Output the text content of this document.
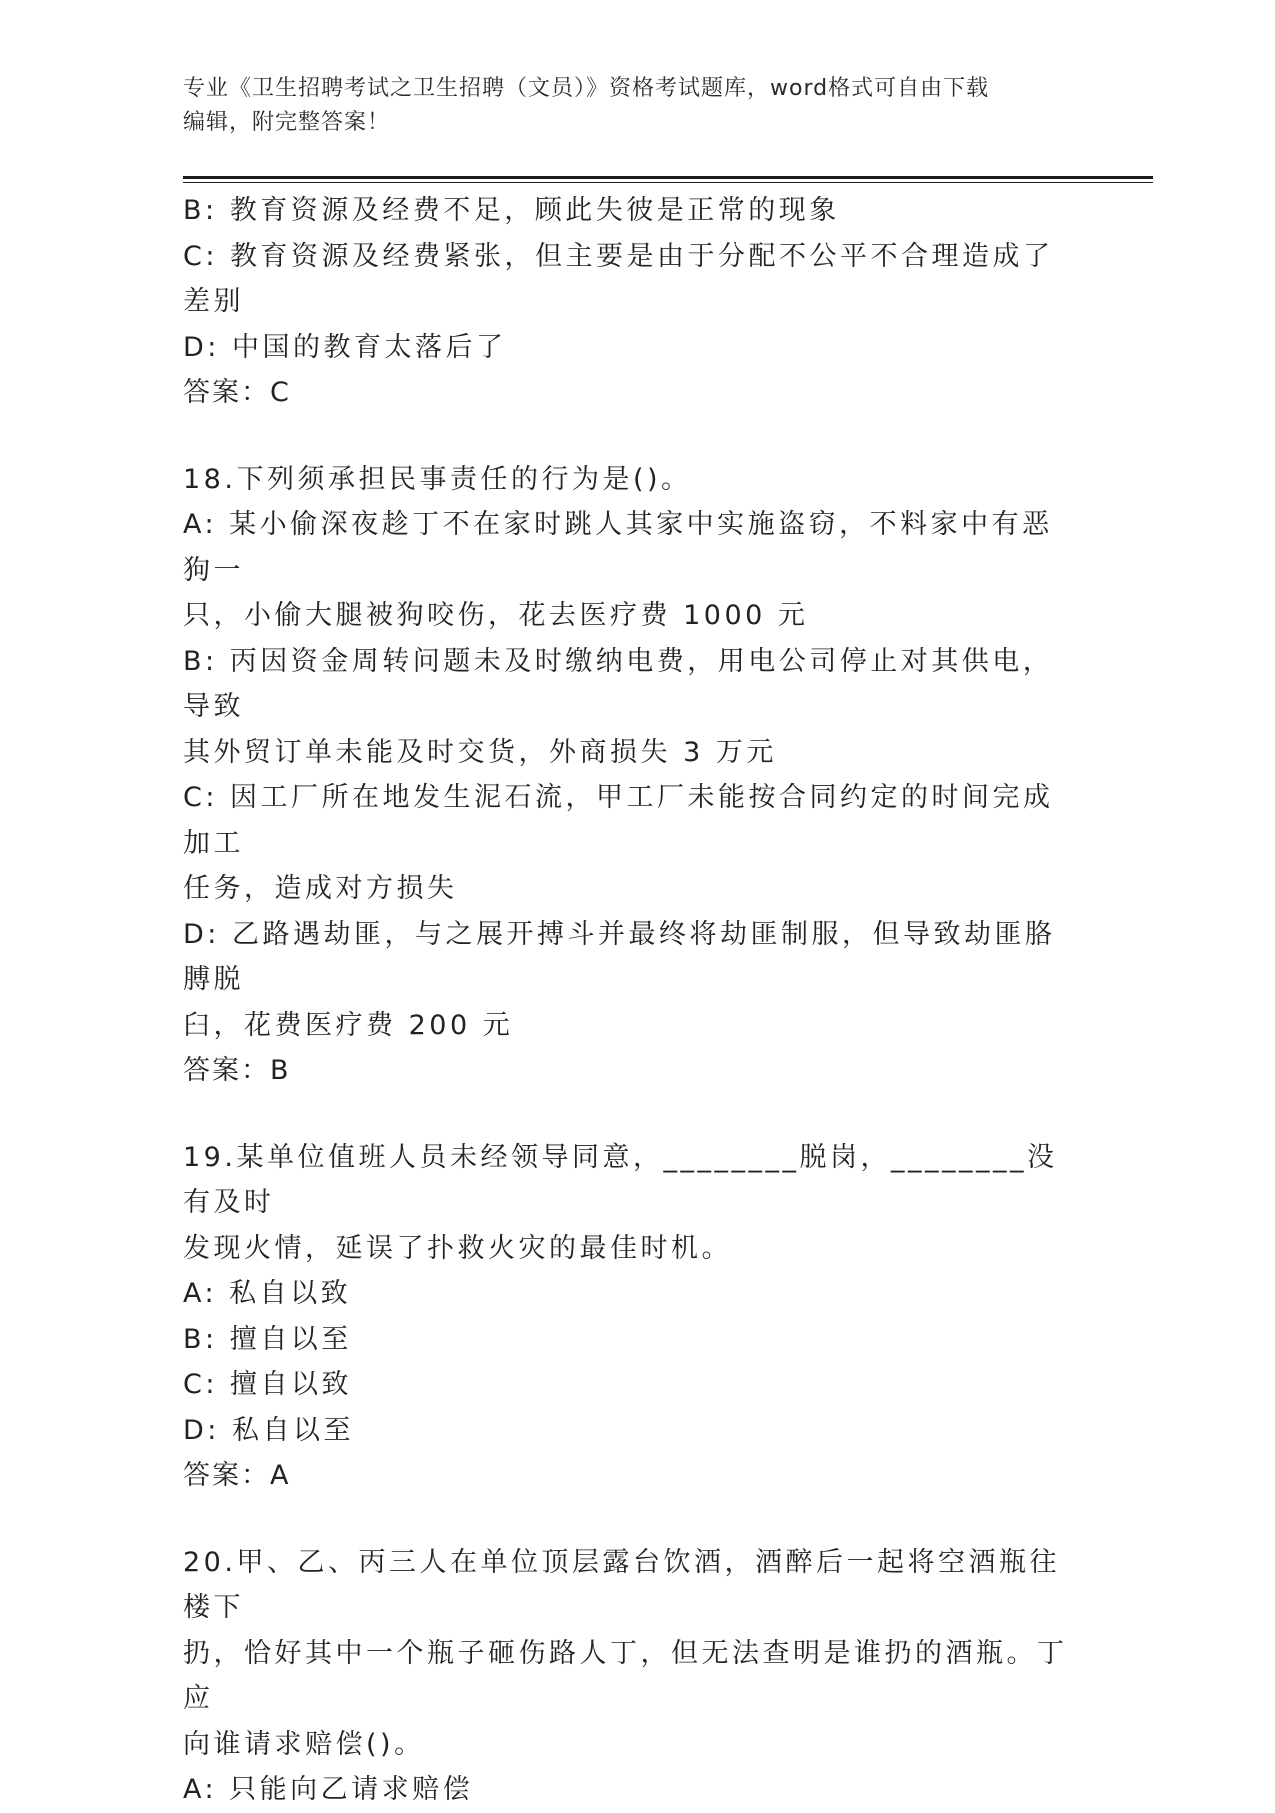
专业《卫生招聘考试之卫生招聘（文员）》资格考试题库，word格式可自由下载
编辑，附完整答案！
B: 教育资源及经费不足，顾此失彼是正常的现象
C: 教育资源及经费紧张，但主要是由于分配不公平不合理造成了差别
D: 中国的教育太落后了
答案：C
18.下列须承担民事责任的行为是()。
A: 某小偷深夜趁丁不在家时跳人其家中实施盗窃，不料家中有恶狗一
只，小偷大腿被狗咬伤，花去医疗费 1000 元
B: 丙因资金周转问题未及时缴纳电费，用电公司停止对其供电，导致
其外贸订单未能及时交货，外商损失 3 万元
C: 因工厂所在地发生泥石流，甲工厂未能按合同约定的时间完成加工
任务，造成对方损失
D: 乙路遇劫匪，与之展开搏斗并最终将劫匪制服，但导致劫匪胳膊脱
臼，花费医疗费 200 元
答案：B
19.某单位值班人员未经领导同意，________脱岗，________没有及时
发现火情，延误了扑救火灾的最佳时机。
A: 私自以致
B: 擅自以至
C: 擅自以致
D: 私自以至
答案：A
20.甲、乙、丙三人在单位顶层露台饮酒，酒醉后一起将空酒瓶往楼下
扔，恰好其中一个瓶子砸伤路人丁，但无法查明是谁扔的酒瓶。丁应
向谁请求赔偿()。
A: 只能向乙请求赔偿
